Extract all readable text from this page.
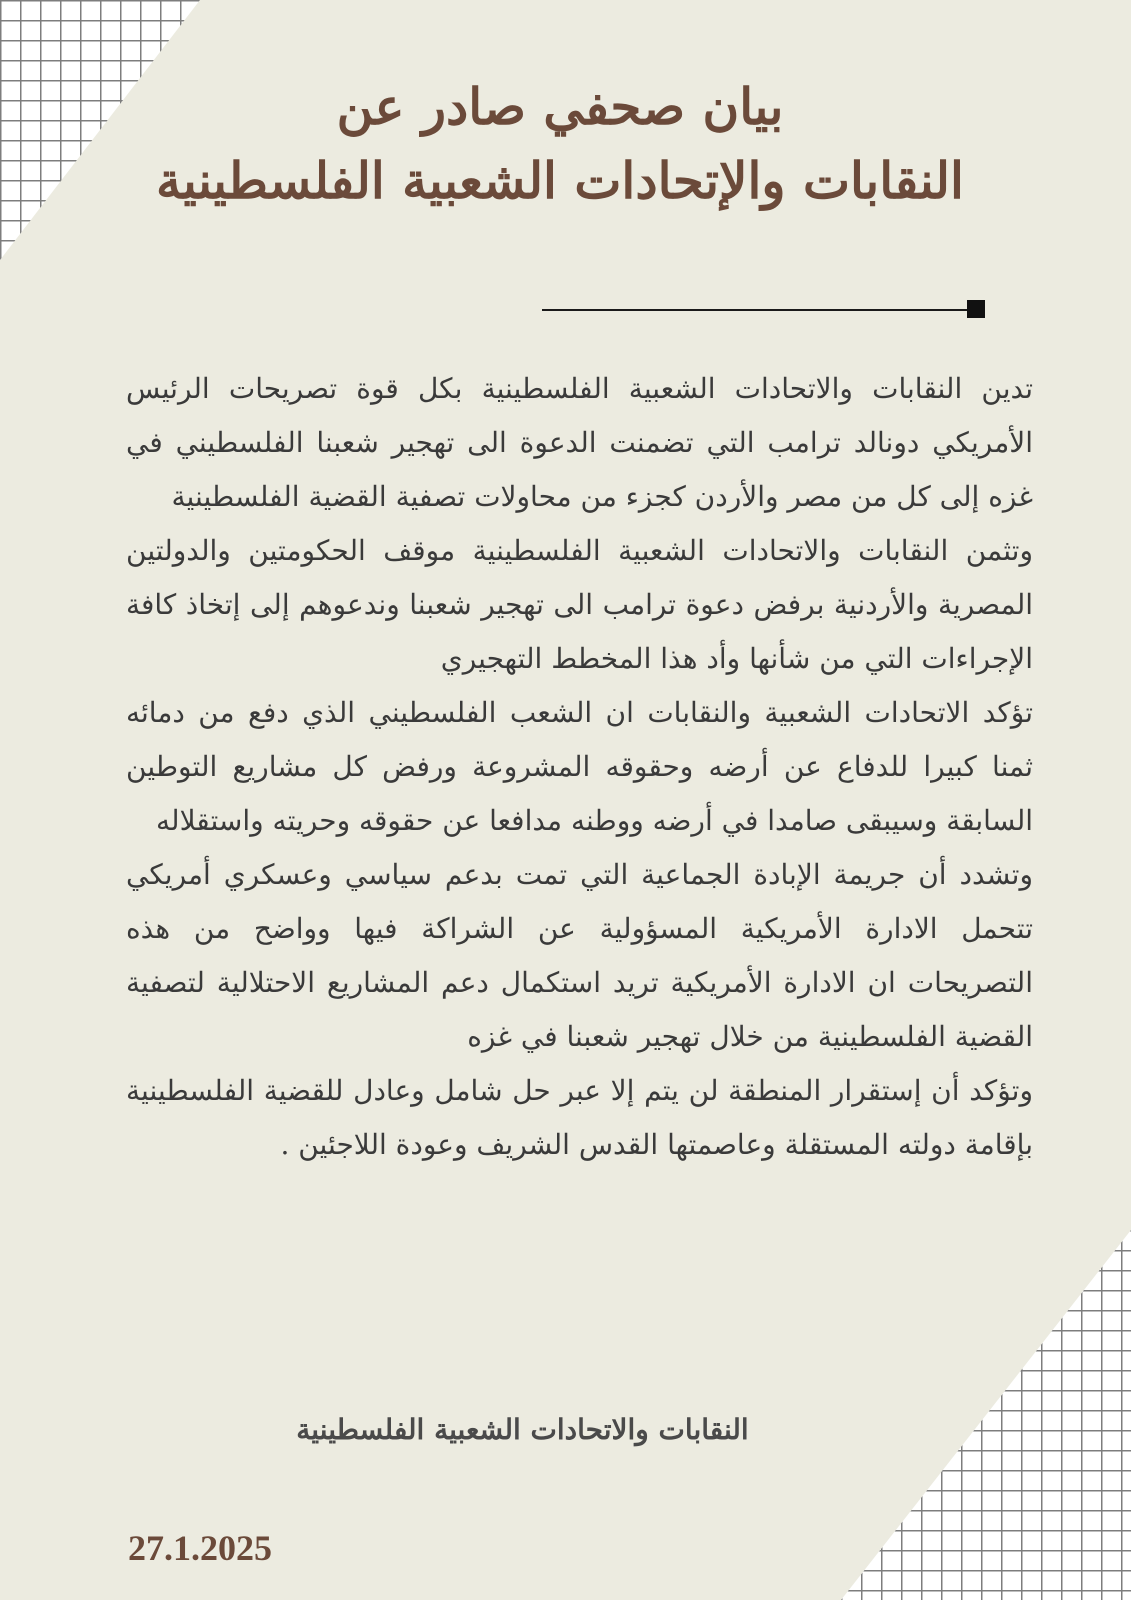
بيان صحفي صادر عن
النقابات والإتحادات الشعبية الفلسطينية

تدين النقابات والاتحادات الشعبية الفلسطينية بكل قوة تصريحات الرئيس الأمريكي دونالد ترامب التي تضمنت الدعوة الى تهجير شعبنا الفلسطيني في غزه إلى كل من مصر والأردن كجزء من محاولات تصفية القضية الفلسطينية

وتثمن النقابات والاتحادات الشعبية الفلسطينية موقف الحكومتين والدولتين المصرية والأردنية برفض دعوة ترامب الى تهجير شعبنا وندعوهم إلى إتخاذ كافة الإجراءات التي من شأنها وأد هذا المخطط التهجيري

تؤكد الاتحادات الشعبية والنقابات ان الشعب الفلسطيني الذي دفع من دمائه ثمنا كبيرا للدفاع عن أرضه وحقوقه المشروعة ورفض كل مشاريع التوطين السابقة وسيبقى صامدا في أرضه ووطنه مدافعا عن حقوقه وحريته واستقلاله

وتشدد أن جريمة الإبادة الجماعية التي تمت بدعم سياسي وعسكري أمريكي تتحمل الادارة الأمريكية المسؤولية عن الشراكة فيها وواضح من هذه التصريحات ان الادارة الأمريكية تريد استكمال دعم المشاريع الاحتلالية لتصفية القضية الفلسطينية من خلال تهجير شعبنا في غزه

وتؤكد أن إستقرار المنطقة لن يتم إلا عبر حل شامل وعادل للقضية الفلسطينية بإقامة دولته المستقلة وعاصمتها القدس الشريف وعودة اللاجئين .

النقابات والاتحادات الشعبية الفلسطينية
27.1.2025
